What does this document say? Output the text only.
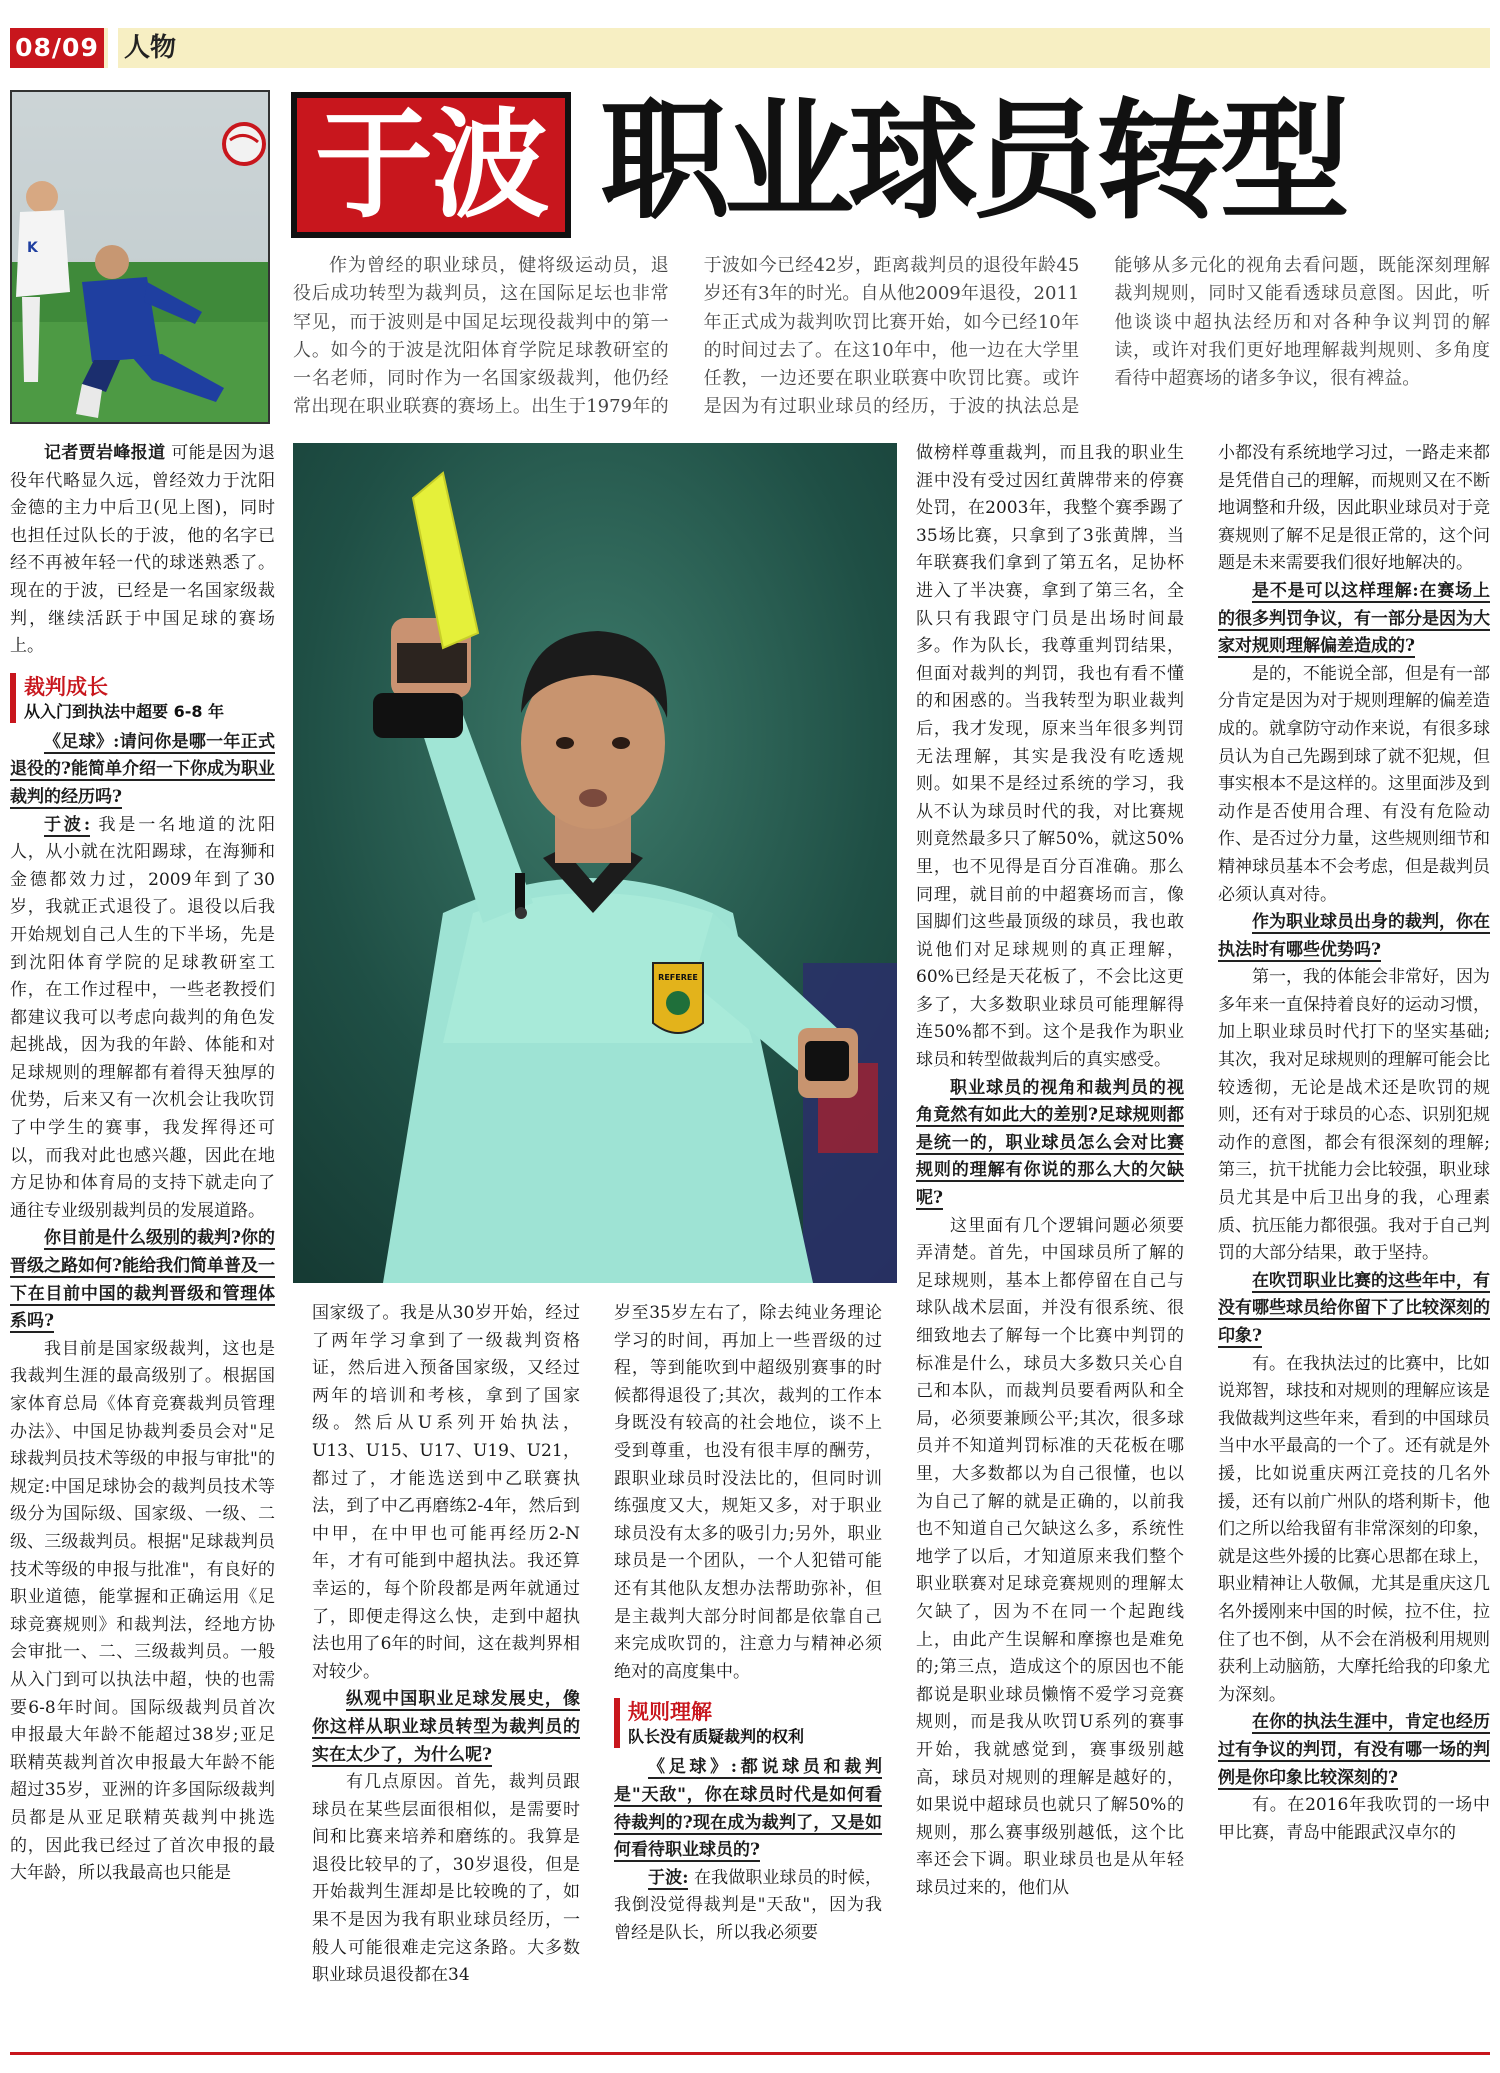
08/09 人物
K
于波 职业球员转型

作为曾经的职业球员，健将级运动员，退役后成功转型为裁判员，这在国际足坛也非常罕见，而于波则是中国足坛现役裁判中的第一人。如今的于波是沈阳体育学院足球教研室的一名老师，同时作为一名国家级裁判，他仍经常出现在职业联赛的赛场上。出生于1979年的于波如今已经42岁，距离裁判员的退役年龄45岁还有3年的时光。自从他2009年退役，2011年正式成为裁判吹罚比赛开始，如今已经10年的时间过去了。在这10年中，他一边在大学里任教，一边还要在职业联赛中吹罚比赛。或许是因为有过职业球员的经历，于波的执法总是能够从多元化的视角去看问题，既能深刻理解裁判规则，同时又能看透球员意图。因此，听他谈谈中超执法经历和对各种争议判罚的解读，或许对我们更好地理解裁判规则、多角度看待中超赛场的诸多争议，很有裨益。

REFEREE

记者贾岩峰报道 可能是因为退役年代略显久远，曾经效力于沈阳金德的主力中后卫(见上图)，同时也担任过队长的于波，他的名字已经不再被年轻一代的球迷熟悉了。现在的于波，已经是一名国家级裁判，继续活跃于中国足球的赛场上。

裁判成长
从入门到执法中超要 6-8 年

《足球》:请问你是哪一年正式退役的?能简单介绍一下你成为职业裁判的经历吗?

于波: 我是一名地道的沈阳人，从小就在沈阳踢球，在海狮和金德都效力过，2009年到了30岁，我就正式退役了。退役以后我开始规划自己人生的下半场，先是到沈阳体育学院的足球教研室工作，在工作过程中，一些老教授们都建议我可以考虑向裁判的角色发起挑战，因为我的年龄、体能和对足球规则的理解都有着得天独厚的优势，后来又有一次机会让我吹罚了中学生的赛事，我发挥得还可以，而我对此也感兴趣，因此在地方足协和体育局的支持下就走向了通往专业级别裁判员的发展道路。

你目前是什么级别的裁判?你的晋级之路如何?能给我们简单普及一下在目前中国的裁判晋级和管理体系吗?

我目前是国家级裁判，这也是我裁判生涯的最高级别了。根据国家体育总局《体育竞赛裁判员管理办法》、中国足协裁判委员会对"足球裁判员技术等级的申报与审批"的规定:中国足球协会的裁判员技术等级分为国际级、国家级、一级、二级、三级裁判员。根据"足球裁判员技术等级的申报与批准"，有良好的职业道德，能掌握和正确运用《足球竞赛规则》和裁判法，经地方协会审批一、二、三级裁判员。一般从入门到可以执法中超，快的也需要6-8年时间。国际级裁判员首次申报最大年龄不能超过38岁;亚足联精英裁判首次申报最大年龄不能超过35岁，亚洲的许多国际级裁判员都是从亚足联精英裁判中挑选的，因此我已经过了首次申报的最大年龄，所以我最高也只能是

国家级了。我是从30岁开始，经过了两年学习拿到了一级裁判资格证，然后进入预备国家级，又经过两年的培训和考核，拿到了国家级。然后从U系列开始执法，U13、U15、U17、U19、U21，都过了，才能选送到中乙联赛执法，到了中乙再磨练2-4年，然后到中甲，在中甲也可能再经历2-N年，才有可能到中超执法。我还算幸运的，每个阶段都是两年就通过了，即便走得这么快，走到中超执法也用了6年的时间，这在裁判界相对较少。

纵观中国职业足球发展史，像你这样从职业球员转型为裁判员的实在太少了，为什么呢?

有几点原因。首先，裁判员跟球员在某些层面很相似，是需要时间和比赛来培养和磨练的。我算是退役比较早的了，30岁退役，但是开始裁判生涯却是比较晚的了，如果不是因为我有职业球员经历，一般人可能很难走完这条路。大多数职业球员退役都在34

岁至35岁左右了，除去纯业务理论学习的时间，再加上一些晋级的过程，等到能吹到中超级别赛事的时候都得退役了;其次，裁判的工作本身既没有较高的社会地位，谈不上受到尊重，也没有很丰厚的酬劳，跟职业球员时没法比的，但同时训练强度又大，规矩又多，对于职业球员没有太多的吸引力;另外，职业球员是一个团队，一个人犯错可能还有其他队友想办法帮助弥补，但是主裁判大部分时间都是依靠自己来完成吹罚的，注意力与精神必须绝对的高度集中。

规则理解
队长没有质疑裁判的权利

《足球》:都说球员和裁判是"天敌"，你在球员时代是如何看待裁判的?现在成为裁判了，又是如何看待职业球员的?

于波: 在我做职业球员的时候，我倒没觉得裁判是"天敌"，因为我曾经是队长，所以我必须要

做榜样尊重裁判，而且我的职业生涯中没有受过因红黄牌带来的停赛处罚，在2003年，我整个赛季踢了35场比赛，只拿到了3张黄牌，当年联赛我们拿到了第五名，足协杯进入了半决赛，拿到了第三名，全队只有我跟守门员是出场时间最多。作为队长，我尊重判罚结果，但面对裁判的判罚，我也有看不懂的和困惑的。当我转型为职业裁判后，我才发现，原来当年很多判罚无法理解，其实是我没有吃透规则。如果不是经过系统的学习，我从不认为球员时代的我，对比赛规则竟然最多只了解50%，就这50%里，也不见得是百分百准确。那么同理，就目前的中超赛场而言，像国脚们这些最顶级的球员，我也敢说他们对足球规则的真正理解，60%已经是天花板了，不会比这更多了，大多数职业球员可能理解得连50%都不到。这个是我作为职业球员和转型做裁判后的真实感受。

职业球员的视角和裁判员的视角竟然有如此大的差别?足球规则都是统一的，职业球员怎么会对比赛规则的理解有你说的那么大的欠缺呢?

这里面有几个逻辑问题必须要弄清楚。首先，中国球员所了解的足球规则，基本上都停留在自己与球队战术层面，并没有很系统、很细致地去了解每一个比赛中判罚的标准是什么，球员大多数只关心自己和本队，而裁判员要看两队和全局，必须要兼顾公平;其次，很多球员并不知道判罚标准的天花板在哪里，大多数都以为自己很懂，也以为自己了解的就是正确的，以前我也不知道自己欠缺这么多，系统性地学了以后，才知道原来我们整个职业联赛对足球竞赛规则的理解太欠缺了，因为不在同一个起跑线上，由此产生误解和摩擦也是难免的;第三点，造成这个的原因也不能都说是职业球员懒惰不爱学习竞赛规则，而是我从吹罚U系列的赛事开始，我就感觉到，赛事级别越高，球员对规则的理解是越好的，如果说中超球员也就只了解50%的规则，那么赛事级别越低，这个比率还会下调。职业球员也是从年轻球员过来的，他们从

小都没有系统地学习过，一路走来都是凭借自己的理解，而规则又在不断地调整和升级，因此职业球员对于竞赛规则了解不足是很正常的，这个问题是未来需要我们很好地解决的。

是不是可以这样理解:在赛场上的很多判罚争议，有一部分是因为大家对规则理解偏差造成的?

是的，不能说全部，但是有一部分肯定是因为对于规则理解的偏差造成的。就拿防守动作来说，有很多球员认为自己先踢到球了就不犯规，但事实根本不是这样的。这里面涉及到动作是否使用合理、有没有危险动作、是否过分力量，这些规则细节和精神球员基本不会考虑，但是裁判员必须认真对待。

作为职业球员出身的裁判，你在执法时有哪些优势吗?

第一，我的体能会非常好，因为多年来一直保持着良好的运动习惯，加上职业球员时代打下的坚实基础;其次，我对足球规则的理解可能会比较透彻，无论是战术还是吹罚的规则，还有对于球员的心态、识别犯规动作的意图，都会有很深刻的理解;第三，抗干扰能力会比较强，职业球员尤其是中后卫出身的我，心理素质、抗压能力都很强。我对于自己判罚的大部分结果，敢于坚持。

在吹罚职业比赛的这些年中，有没有哪些球员给你留下了比较深刻的印象?

有。在我执法过的比赛中，比如说郑智，球技和对规则的理解应该是我做裁判这些年来，看到的中国球员当中水平最高的一个了。还有就是外援，比如说重庆两江竞技的几名外援，还有以前广州队的塔利斯卡，他们之所以给我留有非常深刻的印象，就是这些外援的比赛心思都在球上，职业精神让人敬佩，尤其是重庆这几名外援刚来中国的时候，拉不住，拉住了也不倒，从不会在消极利用规则获利上动脑筋，大摩托给我的印象尤为深刻。

在你的执法生涯中，肯定也经历过有争议的判罚，有没有哪一场的判例是你印象比较深刻的?

有。在2016年我吹罚的一场中甲比赛，青岛中能跟武汉卓尔的
